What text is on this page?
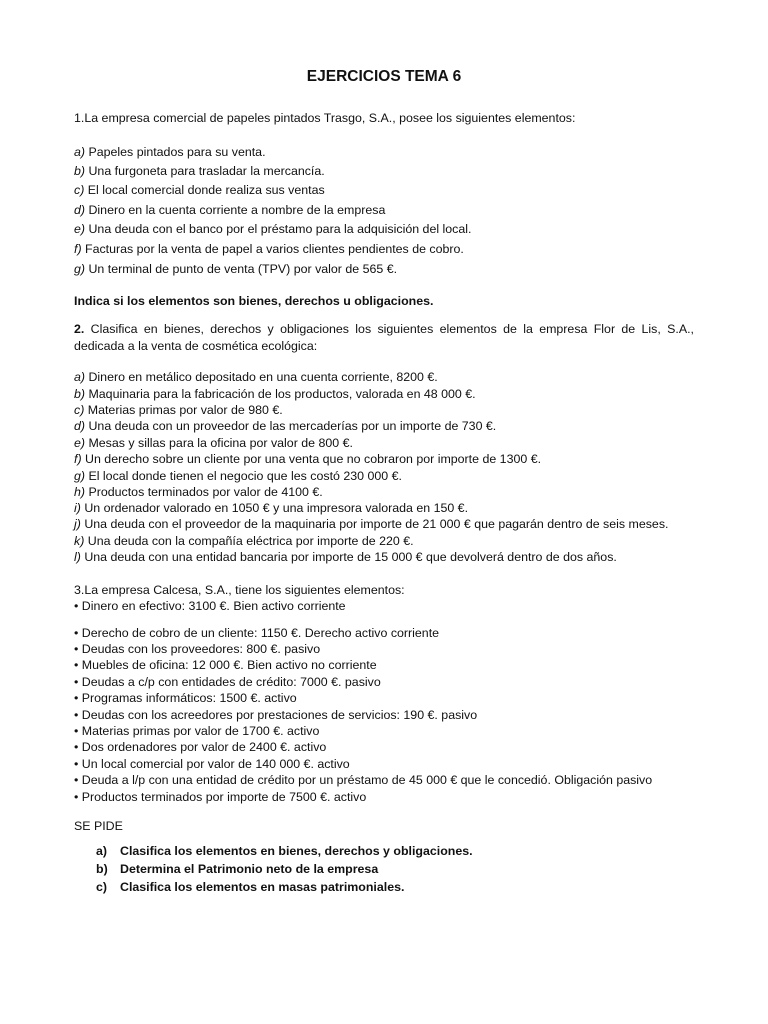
EJERCICIOS TEMA 6
1.La empresa comercial de papeles pintados Trasgo, S.A., posee los siguientes elementos:
a) Papeles pintados para su venta.
b) Una furgoneta para trasladar la mercancía.
c) El local comercial donde realiza sus ventas
d) Dinero en la cuenta corriente a nombre de la empresa
e) Una deuda con el banco por el préstamo para la adquisición del local.
f) Facturas por la venta de papel a varios clientes pendientes de cobro.
g) Un terminal de punto de venta (TPV) por valor de 565 €.
Indica si los elementos son bienes, derechos u obligaciones.
2. Clasifica en bienes, derechos y obligaciones los siguientes elementos de la empresa Flor de Lis, S.A., dedicada a la venta de cosmética ecológica:
a) Dinero en metálico depositado en una cuenta corriente, 8200 €.
b) Maquinaria para la fabricación de los productos, valorada en 48 000 €.
c) Materias primas por valor de 980 €.
d) Una deuda con un proveedor de las mercaderías por un importe de 730 €.
e) Mesas y sillas para la oficina por valor de 800 €.
f) Un derecho sobre un cliente por una venta que no cobraron por importe de 1300 €.
g) El local donde tienen el negocio que les costó 230 000 €.
h) Productos terminados por valor de 4100 €.
i) Un ordenador valorado en 1050 € y una impresora valorada en 150 €.
j) Una deuda con el proveedor de la maquinaria por importe de 21 000 € que pagarán dentro de seis meses.
k) Una deuda con la compañía eléctrica por importe de 220 €.
l) Una deuda con una entidad bancaria por importe de 15 000 € que devolverá dentro de dos años.
3.La empresa Calcesa, S.A., tiene los siguientes elementos:
• Dinero en efectivo: 3100 €. Bien activo corriente
• Derecho de cobro de un cliente: 1150 €. Derecho activo corriente
• Deudas con los proveedores: 800 €. pasivo
• Muebles de oficina: 12 000 €. Bien activo no corriente
• Deudas a c/p con entidades de crédito: 7000 €. pasivo
• Programas informáticos: 1500 €. activo
• Deudas con los acreedores por prestaciones de servicios: 190 €. pasivo
• Materias primas por valor de 1700 €. activo
• Dos ordenadores por valor de 2400 €. activo
• Un local comercial por valor de 140 000 €. activo
• Deuda a l/p con una entidad de crédito por un préstamo de 45 000 € que le concedió. Obligación pasivo
• Productos terminados por importe de 7500 €. activo
SE PIDE
a) Clasifica los elementos en bienes, derechos y obligaciones.
b) Determina el Patrimonio neto de la empresa
c) Clasifica los elementos en masas patrimoniales.
